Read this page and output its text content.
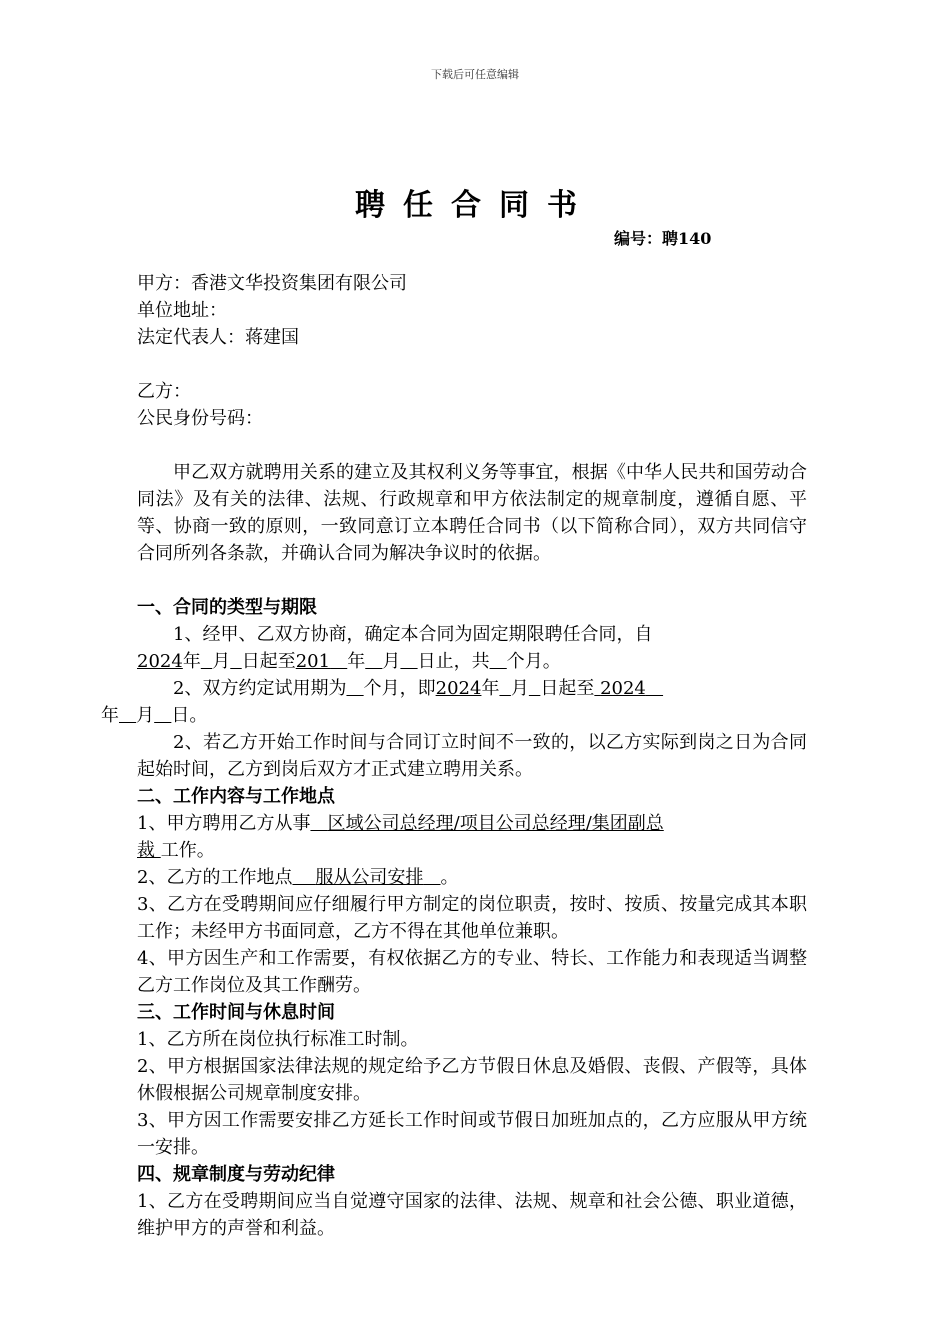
下载后可任意编辑
聘任合同书
编号：聘140
甲方：香港文华投资集团有限公司
单位地址：
法定代表人：蒋建国
乙方：
公民身份号码：
甲乙双方就聘用关系的建立及其权利义务等事宜，根据《中华人民共和国劳动合同法》及有关的法律、法规、行政规章和甲方依法制定的规章制度，遵循自愿、平等、协商一致的原则，一致同意订立本聘任合同书（以下简称合同），双方共同信守合同所列各条款，并确认合同为解决争议时的依据。
一、合同的类型与期限
1、经甲、乙双方协商，确定本合同为固定期限聘任合同，自
2024年 月 日起至201 年 月 日止，共 个月。
2、双方约定试用期为 个月，即2024年 月 日起至 2024
年 月 日。
2、若乙方开始工作时间与合同订立时间不一致的，以乙方实际到岗之日为合同起始时间，乙方到岗后双方才正式建立聘用关系。
二、工作内容与工作地点
1、甲方聘用乙方从事 区域公司总经理/项目公司总经理/集团副总
裁 工作。
2、乙方的工作地点 服从公司安排 。
3、乙方在受聘期间应仔细履行甲方制定的岗位职责，按时、按质、按量完成其本职工作；未经甲方书面同意，乙方不得在其他单位兼职。
4、甲方因生产和工作需要，有权依据乙方的专业、特长、工作能力和表现适当调整乙方工作岗位及其工作酬劳。
三、工作时间与休息时间
1、乙方所在岗位执行标准工时制。
2、甲方根据国家法律法规的规定给予乙方节假日休息及婚假、丧假、产假等，具体休假根据公司规章制度安排。
3、甲方因工作需要安排乙方延长工作时间或节假日加班加点的，乙方应服从甲方统一安排。
四、规章制度与劳动纪律
1、乙方在受聘期间应当自觉遵守国家的法律、法规、规章和社会公德、职业道德，维护甲方的声誉和利益。
